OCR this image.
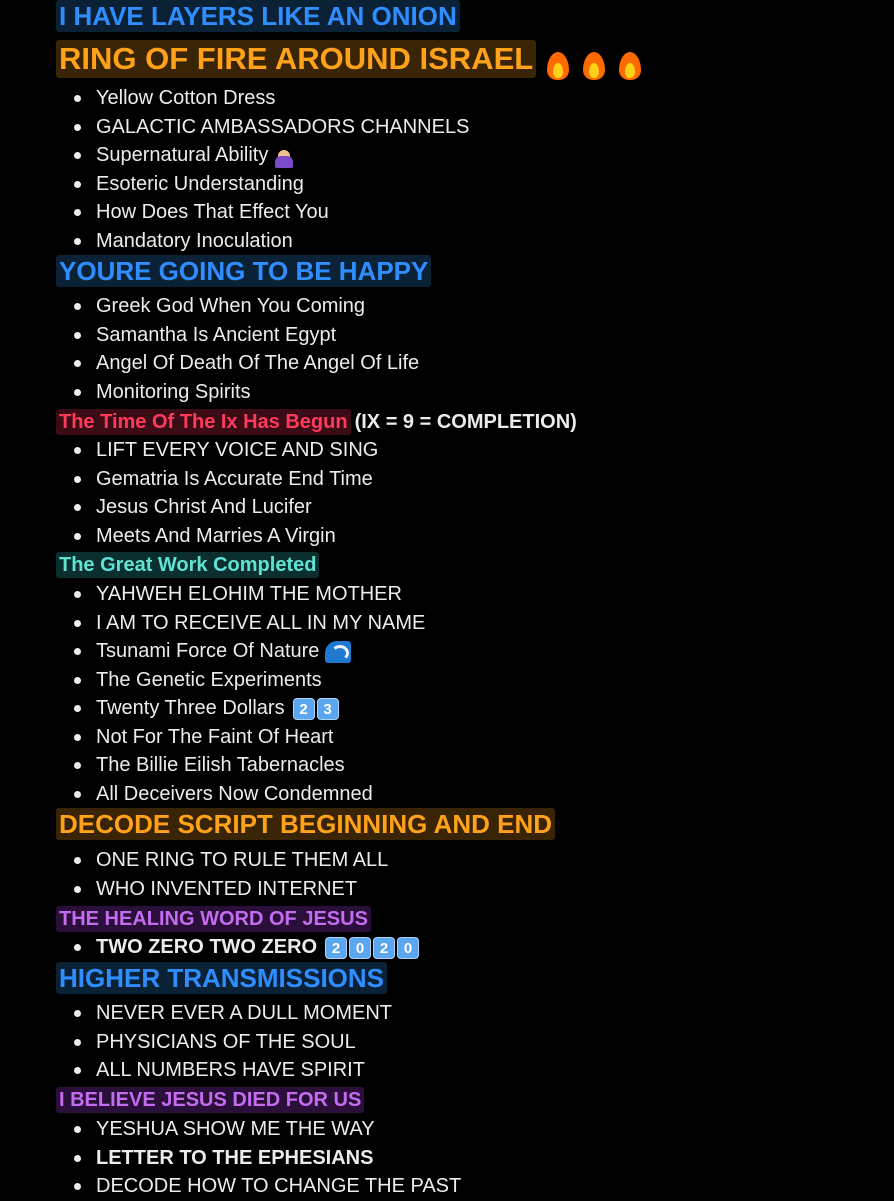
I HAVE LAYERS LIKE AN ONION
RING OF FIRE AROUND ISRAEL
Yellow Cotton Dress
GALACTIC AMBASSADORS CHANNELS
Supernatural Ability
Esoteric Understanding
How Does That Effect You
Mandatory Inoculation
YOURE GOING TO BE HAPPY
Greek God When You Coming
Samantha Is Ancient Egypt
Angel Of Death Of The Angel Of Life
Monitoring Spirits
The Time Of The Ix Has Begun (IX = 9 = COMPLETION)
LIFT EVERY VOICE AND SING
Gematria Is Accurate End Time
Jesus Christ And Lucifer
Meets And Marries A Virgin
The Great Work Completed
YAHWEH ELOHIM THE MOTHER
I AM TO RECEIVE ALL IN MY NAME
Tsunami Force Of Nature
The Genetic Experiments
Twenty Three Dollars 2 3
Not For The Faint Of Heart
The Billie Eilish Tabernacles
All Deceivers Now Condemned
DECODE SCRIPT BEGINNING AND END
ONE RING TO RULE THEM ALL
WHO INVENTED INTERNET
THE HEALING WORD OF JESUS
TWO ZERO TWO ZERO 2 0 2 0
HIGHER TRANSMISSIONS
NEVER EVER A DULL MOMENT
PHYSICIANS OF THE SOUL
ALL NUMBERS HAVE SPIRIT
I BELIEVE JESUS DIED FOR US
YESHUA SHOW ME THE WAY
LETTER TO THE EPHESIANS
DECODE HOW TO CHANGE THE PAST
